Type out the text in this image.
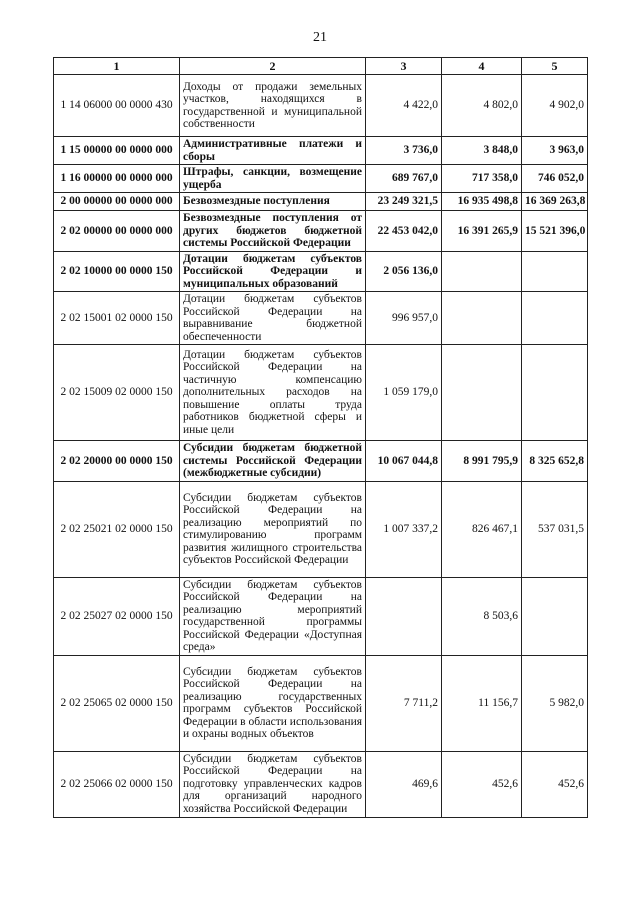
21
1	2	3	4	5
1 14 06000 00 0000 430	Доходы от продажи земельных участков, находящихся в государственной и муниципальной собственности	4 422,0	4 802,0	4 902,0
1 15 00000 00 0000 000	Административные платежи и сборы	3 736,0	3 848,0	3 963,0
1 16 00000 00 0000 000	Штрафы, санкции, возмещение ущерба	689 767,0	717 358,0	746 052,0
2 00 00000 00 0000 000	Безвозмездные поступления	23 249 321,5	16 935 498,8	16 369 263,8
2 02 00000 00 0000 000	Безвозмездные поступления от других бюджетов бюджетной системы Российской Федерации	22 453 042,0	16 391 265,9	15 521 396,0
2 02 10000 00 0000 150	Дотации бюджетам субъектов Российской Федерации и муниципальных образований	2 056 136,0		
2 02 15001 02 0000 150	Дотации бюджетам субъектов Российской Федерации на выравнивание бюджетной обеспеченности	996 957,0		
2 02 15009 02 0000 150	Дотации бюджетам субъектов Российской Федерации на частичную компенсацию дополнительных расходов на повышение оплаты труда работников бюджетной сферы и иные цели	1 059 179,0		
2 02 20000 00 0000 150	Субсидии бюджетам бюджетной системы Российской Федерации (межбюджетные субсидии)	10 067 044,8	8 991 795,9	8 325 652,8
2 02 25021 02 0000 150	Субсидии бюджетам субъектов Российской Федерации на реализацию мероприятий по стимулированию программ развития жилищного строительства субъектов Российской Федерации	1 007 337,2	826 467,1	537 031,5
2 02 25027 02 0000 150	Субсидии бюджетам субъектов Российской Федерации на реализацию мероприятий государственной программы Российской Федерации «Доступная среда»		8 503,6	
2 02 25065 02 0000 150	Субсидии бюджетам субъектов Российской Федерации на реализацию государственных программ субъектов Российской Федерации в области использования и охраны водных объектов	7 711,2	11 156,7	5 982,0
2 02 25066 02 0000 150	Субсидии бюджетам субъектов Российской Федерации на подготовку управленческих кадров для организаций народного хозяйства Российской Федерации	469,6	452,6	452,6
